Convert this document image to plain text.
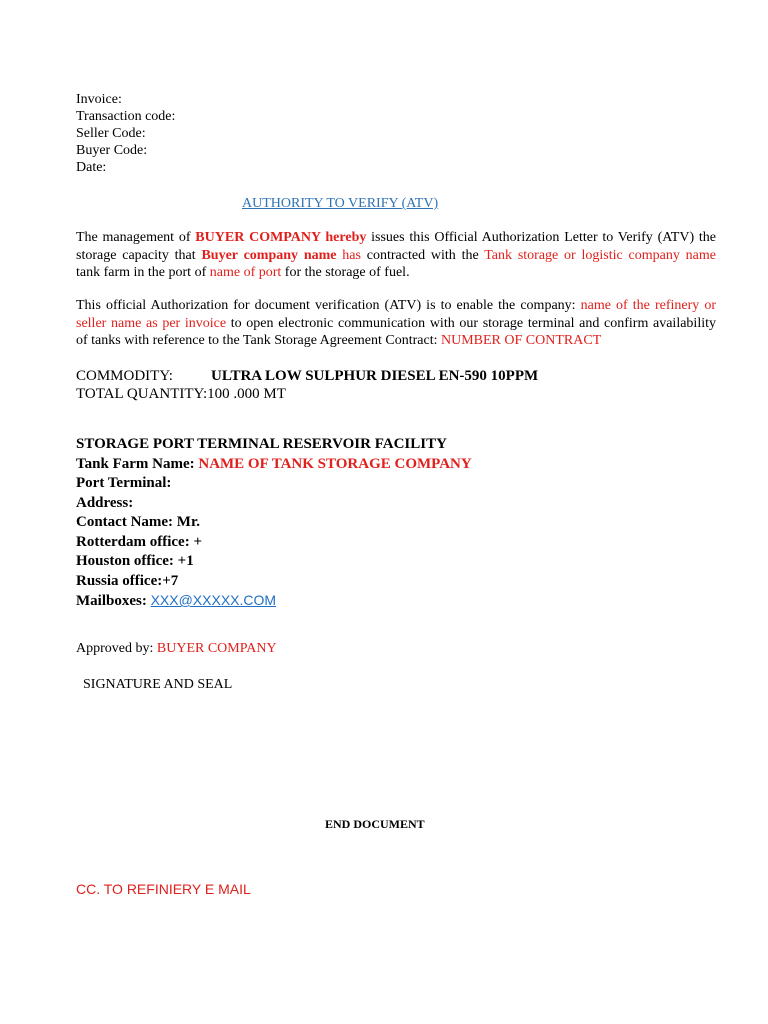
Invoice:
Transaction code:
Seller Code:
Buyer Code:
Date:
AUTHORITY TO VERIFY (ATV)
The management of BUYER COMPANY hereby issues this Official Authorization Letter to Verify (ATV) the
storage capacity that Buyer company name has contracted with the Tank storage or logistic company name
tank farm in the port of name of port for the storage of fuel.
This official Authorization for document verification (ATV) is to enable the company: name of the refinery or
seller name as per invoice to open electronic communication with our storage terminal and confirm availability
of tanks with reference to the Tank Storage Agreement Contract: NUMBER OF CONTRACT
COMMODITY:	ULTRA LOW SULPHUR DIESEL EN-590 10PPM
TOTAL QUANTITY:100 .000 MT
STORAGE PORT TERMINAL RESERVOIR FACILITY
Tank Farm Name: NAME OF TANK STORAGE COMPANY
Port Terminal:
Address:
Contact Name: Mr.
Rotterdam office: +
Houston office: +1
Russia office:+7
Mailboxes: XXX@XXXXX.COM
Approved by: BUYER COMPANY
SIGNATURE AND SEAL
END DOCUMENT
CC. TO REFINIERY E MAIL
